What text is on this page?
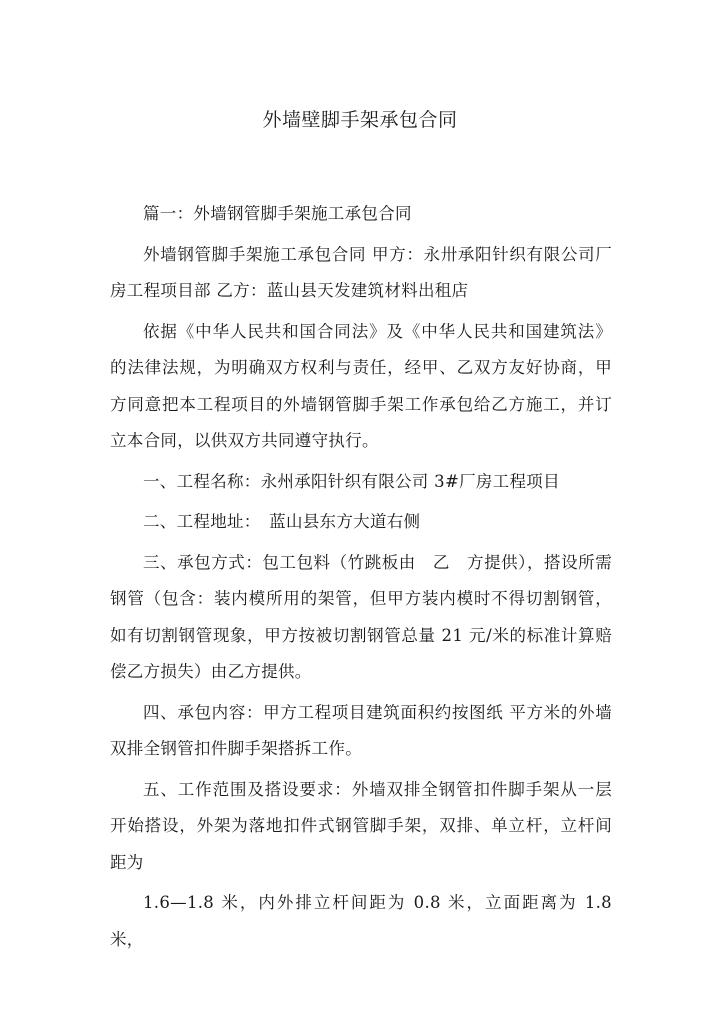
外墙壁脚手架承包合同

篇一：外墙钢管脚手架施工承包合同

外墙钢管脚手架施工承包合同 甲方：永卅承阳针织有限公司厂房工程项目部 乙方：蓝山县天发建筑材料出租店

依据《中华人民共和国合同法》及《中华人民共和国建筑法》的法律法规，为明确双方权利与责任，经甲、乙双方友好协商，甲方同意把本工程项目的外墙钢管脚手架工作承包给乙方施工，并订立本合同，以供双方共同遵守执行。

一、工程名称：永州承阳针织有限公司 3#厂房工程项目

二、工程地址：　蓝山县东方大道右侧

三、承包方式：包工包料（竹跳板由　乙　方提供），搭设所需钢管（包含：装内模所用的架管，但甲方装内模时不得切割钢管，如有切割钢管现象，甲方按被切割钢管总量 21 元/米的标准计算赔偿乙方损失）由乙方提供。

四、承包内容：甲方工程项目建筑面积约按图纸 平方米的外墙双排全钢管扣件脚手架搭拆工作。

五、工作范围及搭设要求：外墙双排全钢管扣件脚手架从一层开始搭设，外架为落地扣件式钢管脚手架，双排、单立杆，立杆间距为

1.6—1.8 米，内外排立杆间距为 0.8 米，立面距离为 1.8 米，
